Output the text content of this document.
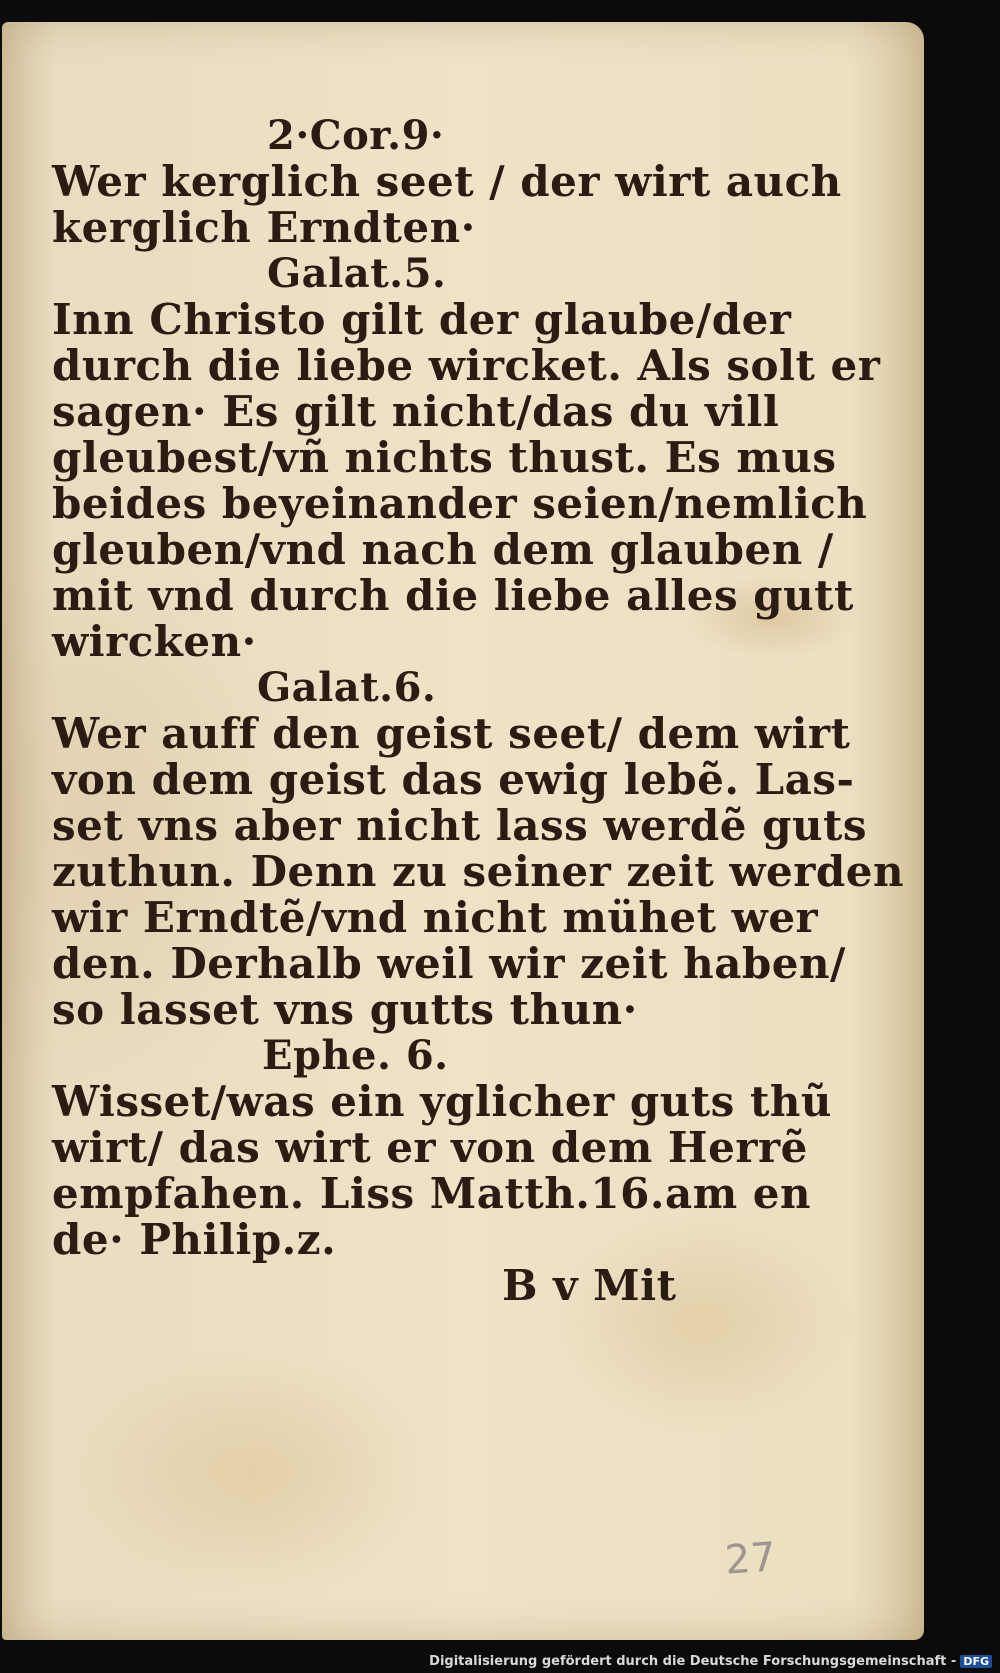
2·Cor.9·
Wer kerglich seet / der wirt auch
kerglich Erndten·
Galat.5.
Inn Christo gilt der glaube/der
durch die liebe wircket. Als solt er
sagen· Es gilt nicht/das du vill
gleubest/vñ nichts thust. Es mus
beides beyeinander seien/nemlich
gleuben/vnd nach dem glauben /
mit vnd durch die liebe alles gutt
wircken·
Galat.6.
Wer auff den geist seet/ dem wirt
von dem geist das ewig lebẽ. Las-
set vns aber nicht lass werdẽ guts
zuthun. Denn zu seiner zeit werden
wir Erndtẽ/vnd nicht mühet wer
den. Derhalb weil wir zeit haben/
so lasset vns gutts thun·
Ephe. 6.
Wisset/was ein yglicher guts thũ
wirt/ das wirt er von dem Herrẽ
empfahen. Liss Matth.16.am en
de· Philip.z.
B v Mit
27
Digitalisierung gefördert durch die Deutsche Forschungsgemeinschaft - DFG
